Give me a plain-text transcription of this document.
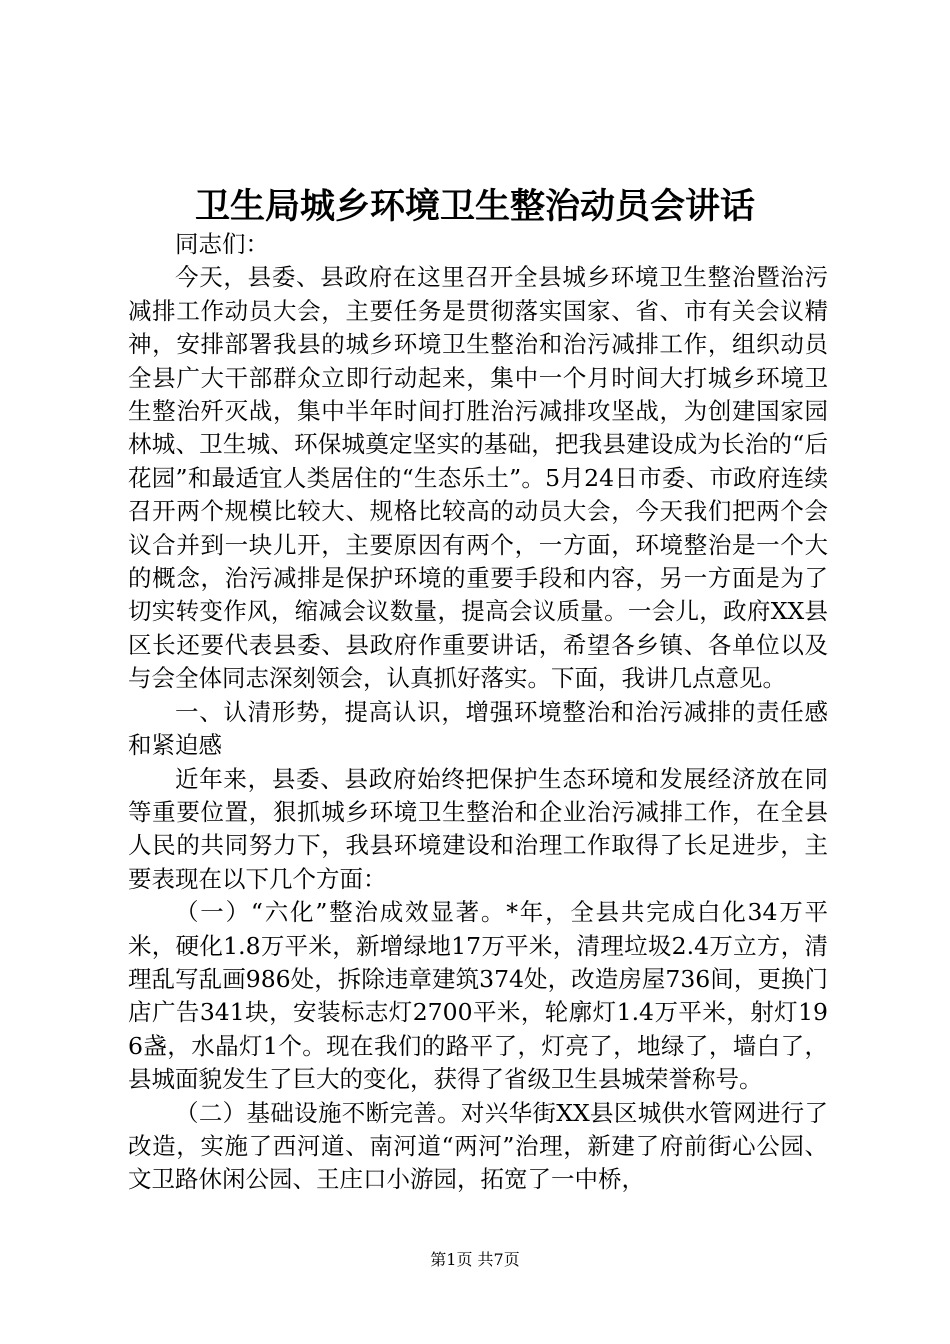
卫生局城乡环境卫生整治动员会讲话

同志们：

今天，县委、县政府在这里召开全县城乡环境卫生整治暨治污减排工作动员大会，主要任务是贯彻落实国家、省、市有关会议精神，安排部署我县的城乡环境卫生整治和治污减排工作，组织动员全县广大干部群众立即行动起来，集中一个月时间大打城乡环境卫生整治歼灭战，集中半年时间打胜治污减排攻坚战，为创建国家园林城、卫生城、环保城奠定坚实的基础，把我县建设成为长治的“后花园”和最适宜人类居住的“生态乐土”。5月24日市委、市政府连续召开两个规模比较大、规格比较高的动员大会，今天我们把两个会议合并到一块儿开，主要原因有两个，一方面，环境整治是一个大的概念，治污减排是保护环境的重要手段和内容，另一方面是为了切实转变作风，缩减会议数量，提高会议质量。一会儿，政府XX县区长还要代表县委、县政府作重要讲话，希望各乡镇、各单位以及与会全体同志深刻领会，认真抓好落实。下面，我讲几点意见。

一、认清形势，提高认识，增强环境整治和治污减排的责任感和紧迫感

近年来，县委、县政府始终把保护生态环境和发展经济放在同等重要位置，狠抓城乡环境卫生整治和企业治污减排工作，在全县人民的共同努力下，我县环境建设和治理工作取得了长足进步，主要表现在以下几个方面：

（一）“六化”整治成效显著。*年，全县共完成白化34万平米，硬化1.8万平米，新增绿地17万平米，清理垃圾2.4万立方，清理乱写乱画986处，拆除违章建筑374处，改造房屋736间，更换门店广告341块，安装标志灯2700平米，轮廓灯1.4万平米，射灯196盏，水晶灯1个。现在我们的路平了，灯亮了，地绿了，墙白了，县城面貌发生了巨大的变化，获得了省级卫生县城荣誉称号。

（二）基础设施不断完善。对兴华街XX县区城供水管网进行了改造，实施了西河道、南河道“两河”治理，新建了府前街心公园、文卫路休闲公园、王庄口小游园，拓宽了一中桥，

第1页 共7页
